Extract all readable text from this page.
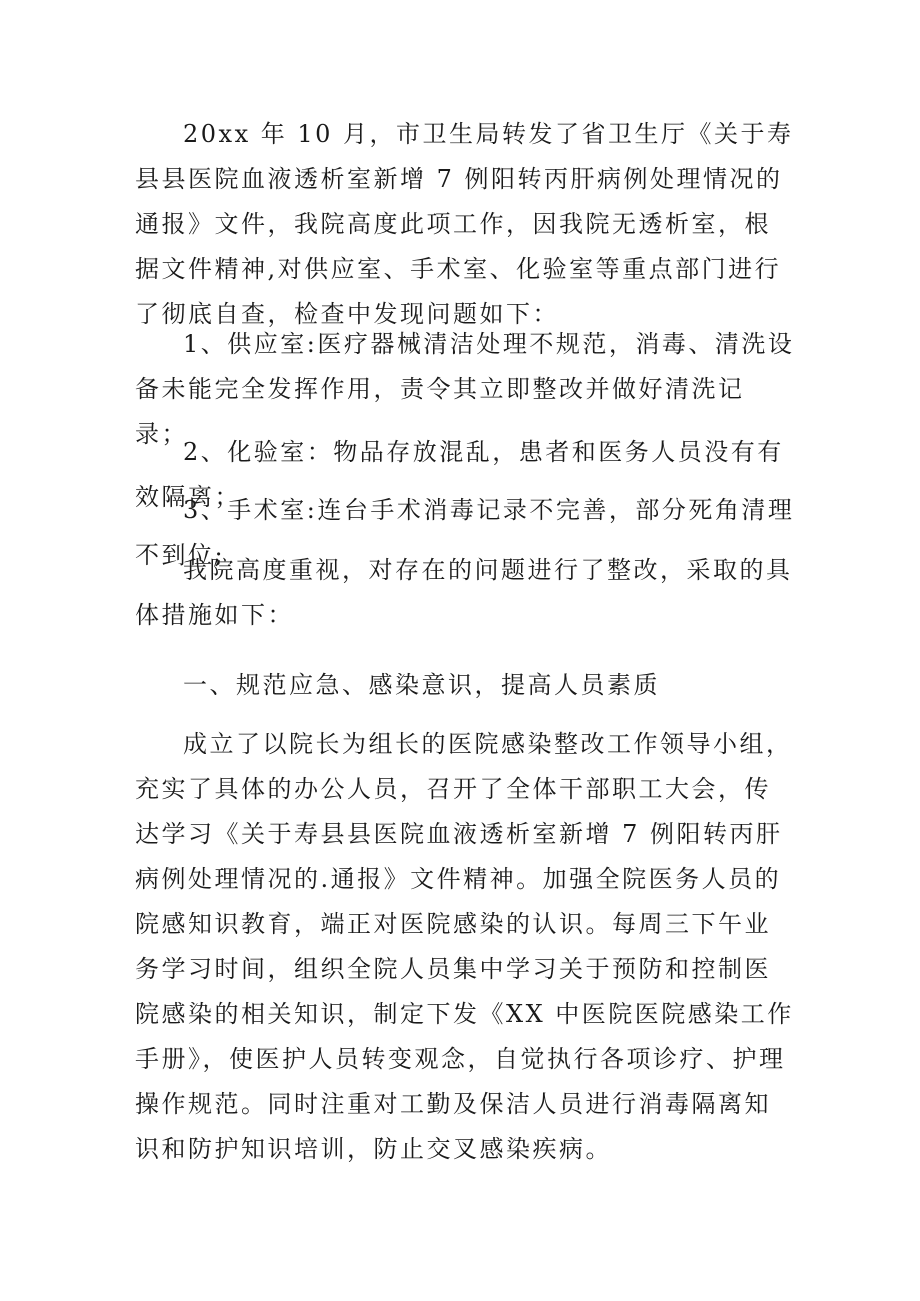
20xx 年 10 月，市卫生局转发了省卫生厅《关于寿县县医院血液透析室新增 7 例阳转丙肝病例处理情况的通报》文件，我院高度此项工作，因我院无透析室，根据文件精神,对供应室、手术室、化验室等重点部门进行了彻底自查，检查中发现问题如下：

1、供应室:医疗器械清洁处理不规范，消毒、清洗设备未能完全发挥作用，责令其立即整改并做好清洗记录；

2、化验室：物品存放混乱，患者和医务人员没有有效隔离；

3、手术室:连台手术消毒记录不完善，部分死角清理不到位;

我院高度重视，对存在的问题进行了整改，采取的具体措施如下：

一、规范应急、感染意识，提高人员素质

成立了以院长为组长的医院感染整改工作领导小组，充实了具体的办公人员，召开了全体干部职工大会，传达学习《关于寿县县医院血液透析室新增 7 例阳转丙肝病例处理情况的.通报》文件精神。加强全院医务人员的院感知识教育，端正对医院感染的认识。每周三下午业务学习时间，组织全院人员集中学习关于预防和控制医院感染的相关知识，制定下发《XX 中医院医院感染工作手册》，使医护人员转变观念，自觉执行各项诊疗、护理操作规范。同时注重对工勤及保洁人员进行消毒隔离知识和防护知识培训，防止交叉感染疾病。
